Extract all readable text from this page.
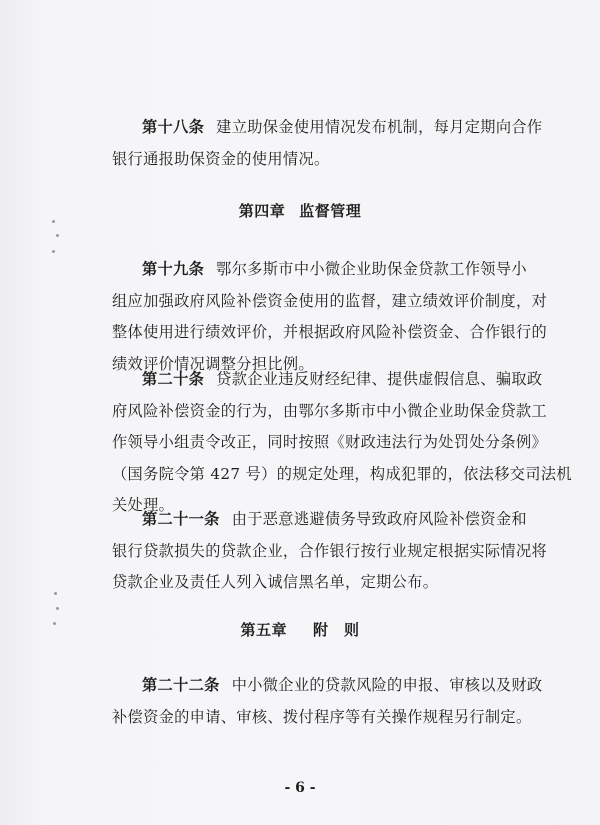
第十八条 建立助保金使用情况发布机制，每月定期向合作
银行通报助保资金的使用情况。
第四章 监督管理
第十九条 鄂尔多斯市中小微企业助保金贷款工作领导小
组应加强政府风险补偿资金使用的监督，建立绩效评价制度，对
整体使用进行绩效评价，并根据政府风险补偿资金、合作银行的
绩效评价情况调整分担比例。
第二十条 贷款企业违反财经纪律、提供虚假信息、骗取政
府风险补偿资金的行为，由鄂尔多斯市中小微企业助保金贷款工
作领导小组责令改正，同时按照《财政违法行为处罚处分条例》
（国务院令第 427 号）的规定处理，构成犯罪的，依法移交司法机
关处理。
第二十一条 由于恶意逃避债务导致政府风险补偿资金和
银行贷款损失的贷款企业，合作银行按行业规定根据实际情况将
贷款企业及责任人列入诚信黑名单，定期公布。
第五章 附　则
第二十二条 中小微企业的贷款风险的申报、审核以及财政
补偿资金的申请、审核、拨付程序等有关操作规程另行制定。
- 6 -
